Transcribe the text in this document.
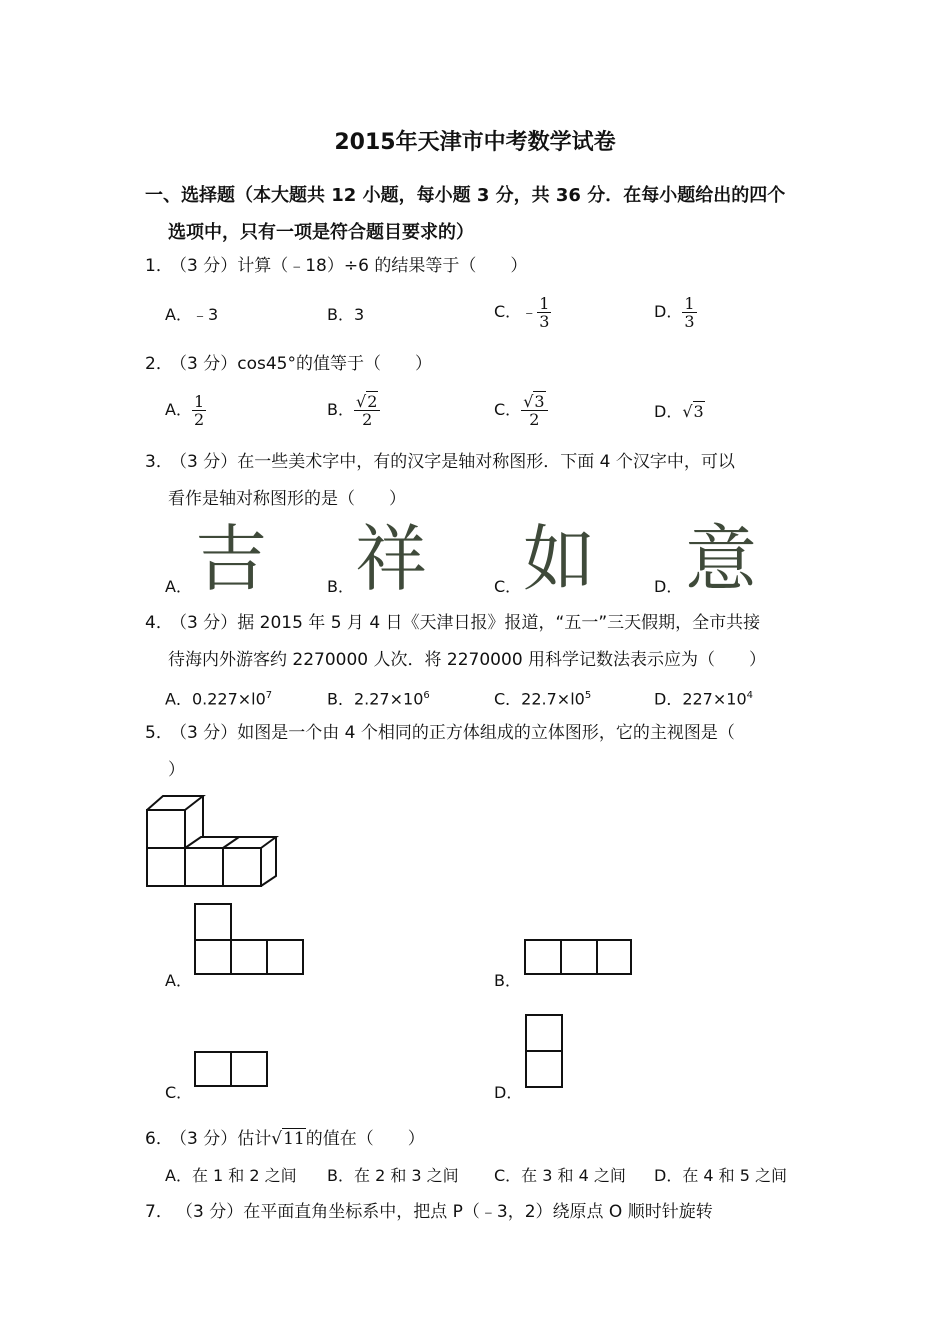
2015年天津市中考数学试卷
一、选择题（本大题共 12 小题，每小题 3 分，共 36 分．在每小题给出的四个
选项中，只有一项是符合题目要求的）
1．
（3 分）计算（﹣18）÷6 的结果等于（　　）
A．﹣3	B．3	C．﹣ $\frac{1}{3}$	D． $\frac{1}{3}$
2．
（3 分）cos45°的值等于（　　）
A． $\frac{1}{2}$	B． $\frac{√2}{2}$	C． $\frac{√3}{2}$	D．√3
3．
（3 分）在一些美术字中，有的汉字是轴对称图形．下面 4 个汉字中，可以
看作是轴对称图形的是（　　）
A． 吉	B． 祥	C． 如	D． 意
4．
（3 分）据 2015 年 5 月 4 日《天津日报》报道，“五一”三天假期，全市共接
待海内外游客约 2270000 人次．将 2270000 用科学记数法表示应为（　　）
A．$0.227\times l0^7$	B．$2.27\times 10^6$	C．$22.7\times l0^5$	D．$227\times 10^4$
5．
（3 分）如图是一个由 4 个相同的正方体组成的立体图形，它的主视图是（
）
A．	B．
C．	D．
6．
（3 分）估计√11的值在（　　）
A．在 1 和 2 之间 B．在 2 和 3 之间 C．在 3 和 4 之间 D．在 4 和 5 之间
7． （3 分）在平面直角坐标系中，把点 P（﹣3，2）绕原点 O 顺时针旋转
